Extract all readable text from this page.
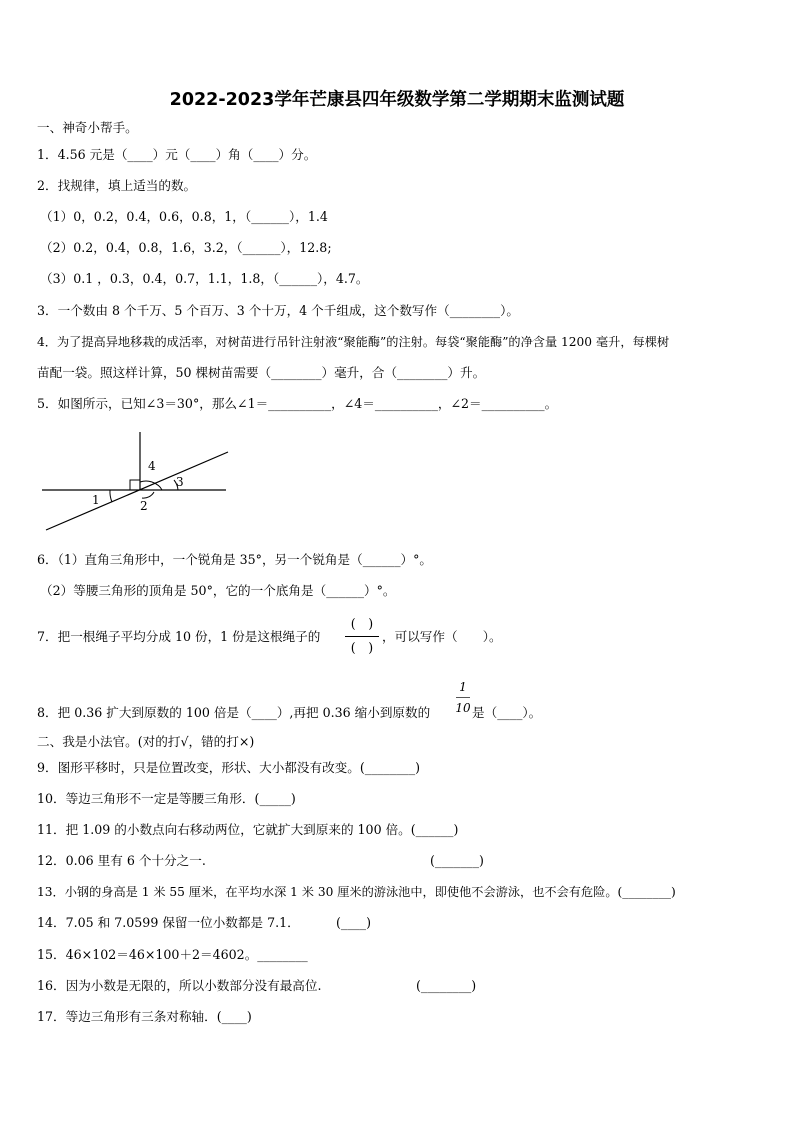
2022-2023学年芒康县四年级数学第二学期期末监测试题
一、神奇小帮手。
1．4.56 元是（____）元（____）角（____）分。
2．找规律，填上适当的数。
（1）0，0.2，0.4，0.6，0.8，1，（______），1.4
（2）0.2，0.4，0.8，1.6，3.2，（______），12.8;
（3）0.1 ，0.3，0.4，0.7，1.1，1.8，（______），4.7。
3．一个数由 8 个千万、5 个百万、3 个十万，4 个千组成，这个数写作（________）。
4．为了提高异地移栽的成活率，对树苗进行吊针注射液“聚能酶”的注射。每袋“聚能酶”的净含量 1200 毫升，每棵树
苗配一袋。照这样计算，50 棵树苗需要（________）毫升，合（________）升。
5．如图所示，已知∠3＝30°，那么∠1＝__________，∠4＝__________，∠2＝__________。
1	2
3
4
6．（1）直角三角形中，一个锐角是 35°，另一个锐角是（______）°。
（2）等腰三角形的顶角是 50°，它的一个底角是（______）°。
7．把一根绳子平均分成 10 份，1 份是这根绳子的
(　)
(　)
，可以写作（　　）。
8．把 0.36 扩大到原数的 100 倍是（____）,再把 0.36 缩小到原数的
1
10 是（____）。
二、我是小法官。(对的打√，错的打×)
9．图形平移时，只是位置改变，形状、大小都没有改变。(________)
10．等边三角形不一定是等腰三角形．(_____)
11．把 1.09 的小数点向右移动两位，它就扩大到原来的 100 倍。(______)
12．0.06 里有 6 个十分之一.	(_______)
13．小钢的身高是 1 米 55 厘米，在平均水深 1 米 30 厘米的游泳池中，即使他不会游泳，也不会有危险。(________)
14．7.05 和 7.0599 保留一位小数都是 7.1．	(____)
15．46×102＝46×100＋2＝4602。________
16．因为小数是无限的，所以小数部分没有最高位.	(________)
17．等边三角形有三条对称轴．(____)
